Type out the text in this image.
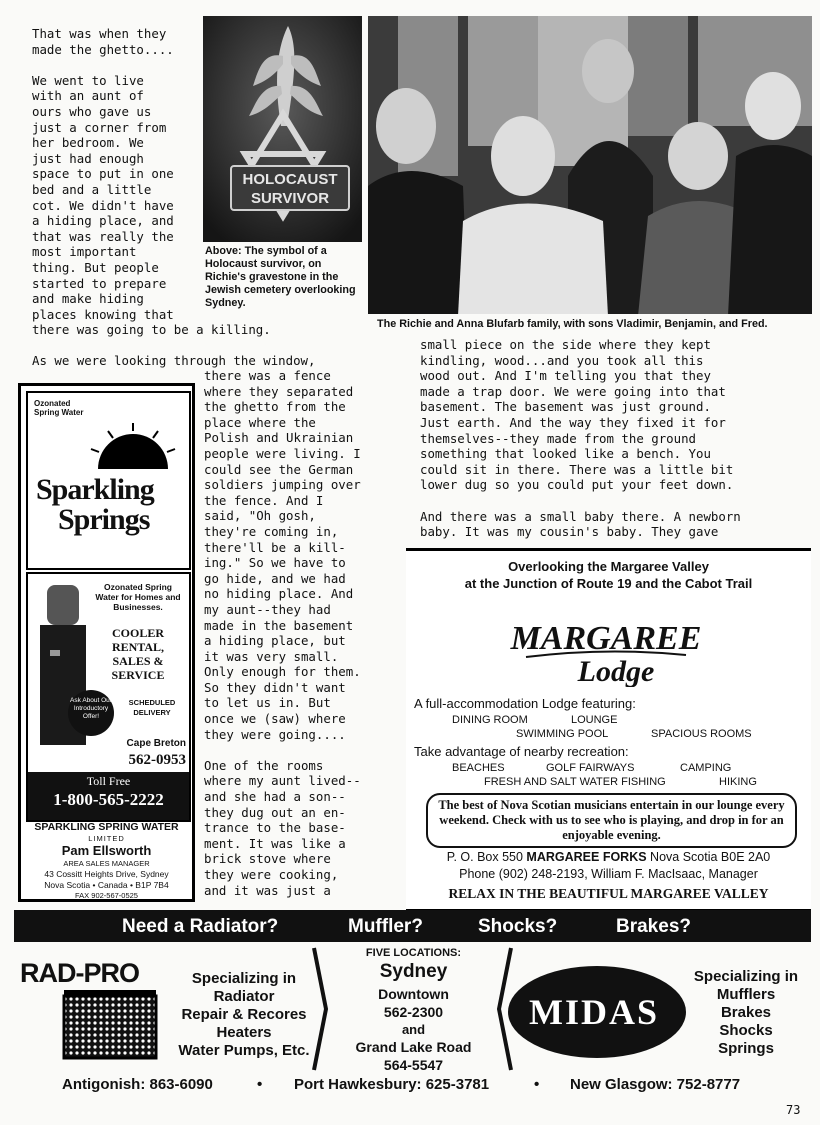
That was when they
made the ghetto....

We went to live
with an aunt of
ours who gave us
just a corner from
her bedroom. We
just had enough
space to put in one
bed and a little
cot. We didn't have
a hiding place, and
that was really the
most important
thing. But people
started to prepare
and make hiding
places knowing that
there was going to be a killing.
As we were looking through the window,
HOLOCAUST
SURVIVOR
Above: The symbol of a Holocaust survivor, on Richie's gravestone in the Jewish cemetery overlooking Sydney.
The Richie and Anna Blufarb family, with sons Vladimir, Benjamin, and Fred.
Ozonated
Spring Water
Sparkling
Springs
Ozonated Spring Water for Homes and Businesses.
COOLER
RENTAL,
SALES &
SERVICE
Ask About Our Introductory Offer!
SCHEDULED
DELIVERY
Cape Breton
562-0953
Toll Free
1-800-565-2222
SPARKLING SPRING WATER
LIMITED
Pam Ellsworth
AREA SALES MANAGER
43 Cossitt Heights Drive, Sydney
Nova Scotia • Canada • B1P 7B4
FAX 902-567-0525
there was a fence
where they separated
the ghetto from the
place where the
Polish and Ukrainian
people were living. I
could see the German
soldiers jumping over
the fence. And I
said, "Oh gosh,
they're coming in,
there'll be a kill-
ing." So we have to
go hide, and we had
no hiding place. And
my aunt--they had
made in the basement
a hiding place, but
it was very small.
Only enough for them.
So they didn't want
to let us in. But
once we (saw) where
they were going....

One of the rooms
where my aunt lived--
and she had a son--
they dug out an en-
trance to the base-
ment. It was like a
brick stove where
they were cooking,
and it was just a
small piece on the side where they kept
kindling, wood...and you took all this
wood out. And I'm telling you that they
made a trap door. We were going into that
basement. The basement was just ground.
Just earth. And the way they fixed it for
themselves--they made from the ground
something that looked like a bench. You
could sit in there. There was a little bit
lower dug so you could put your feet down.

And there was a small baby there. A newborn
baby. It was my cousin's baby. They gave
Overlooking the Margaree Valley
at the Junction of Route 19 and the Cabot Trail
MARGAREE
Lodge
A full-accommodation Lodge featuring:
DINING ROOM	LOUNGE
SWIMMING POOL	SPACIOUS ROOMS
Take advantage of nearby recreation:
BEACHES	GOLF FAIRWAYS	CAMPING
FRESH AND SALT WATER FISHING	HIKING
The best of Nova Scotian musicians entertain in our lounge every weekend. Check with us to see who is playing, and drop in for an enjoyable evening.
P. O. Box 550 MARGAREE FORKS Nova Scotia B0E 2A0
Phone (902) 248-2193, William F. MacIsaac, Manager
RELAX IN THE BEAUTIFUL MARGAREE VALLEY
Need a Radiator?	Muffler?	Shocks?	Brakes?
RAD-PRO	Specializing in
Radiator
Repair & Recores
Heaters
Water Pumps, Etc.
FIVE LOCATIONS:
Sydney
Downtown
562-2300
and
Grand Lake Road
564-5547
MIDAS
Specializing in
Mufflers
Brakes
Shocks
Springs
Antigonish: 863-6090	• Port Hawkesbury: 625-3781	• New Glasgow: 752-8777
73
